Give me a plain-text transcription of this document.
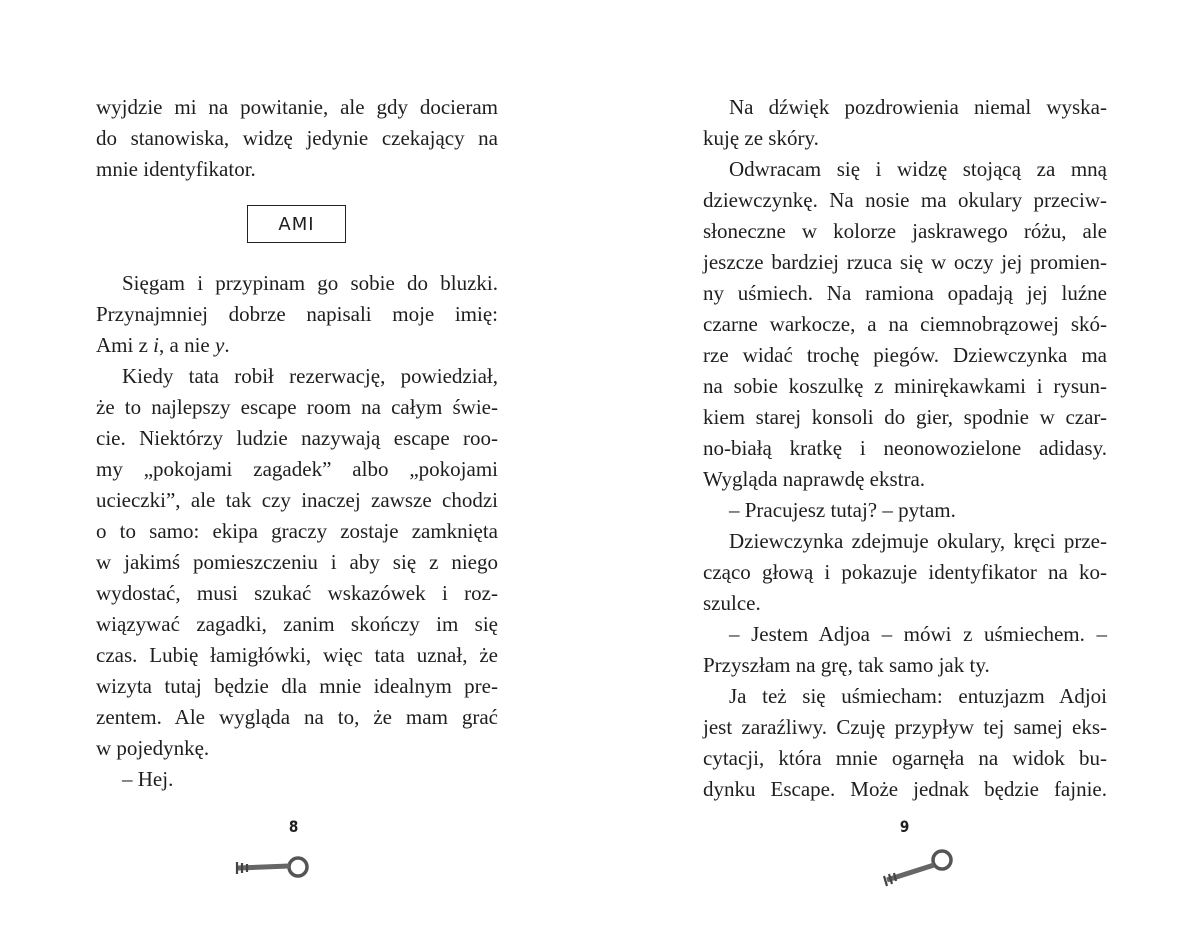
wyjdzie mi na powitanie, ale gdy docieram
do stanowiska, widzę jedynie czekający na
mnie identyfikator.
AMI
Sięgam i przypinam go sobie do bluzki.
Przynajmniej dobrze napisali moje imię:
Ami z i, a nie y.
Kiedy tata robił rezerwację, powiedział,
że to najlepszy escape room na całym świe-
cie. Niektórzy ludzie nazywają escape roo-
my „pokojami zagadek” albo „pokojami
ucieczki”, ale tak czy inaczej zawsze chodzi
o to samo: ekipa graczy zostaje zamknięta
w jakimś pomieszczeniu i aby się z niego
wydostać, musi szukać wskazówek i roz-
wiązywać zagadki, zanim skończy im się
czas. Lubię łamigłówki, więc tata uznał, że
wizyta tutaj będzie dla mnie idealnym pre-
zentem. Ale wygląda na to, że mam grać
w pojedynkę.
– Hej.
8
Na dźwięk pozdrowienia niemal wyska-
kuję ze skóry.
Odwracam się i widzę stojącą za mną
dziewczynkę. Na nosie ma okulary przeciw-
słoneczne w kolorze jaskrawego różu, ale
jeszcze bardziej rzuca się w oczy jej promien-
ny uśmiech. Na ramiona opadają jej luźne
czarne warkocze, a na ciemnobrązowej skó-
rze widać trochę piegów. Dziewczynka ma
na sobie koszulkę z minirękawkami i rysun-
kiem starej konsoli do gier, spodnie w czar-
no-białą kratkę i neonowozielone adidasy.
Wygląda naprawdę ekstra.
– Pracujesz tutaj? – pytam.
Dziewczynka zdejmuje okulary, kręci prze-
cząco głową i pokazuje identyfikator na ko-
szulce.
– Jestem Adjoa – mówi z uśmiechem. –
Przyszłam na grę, tak samo jak ty.
Ja też się uśmiecham: entuzjazm Adjoi
jest zaraźliwy. Czuję przypływ tej samej eks-
cytacji, która mnie ogarnęła na widok bu-
dynku Escape. Może jednak będzie fajnie.
9
